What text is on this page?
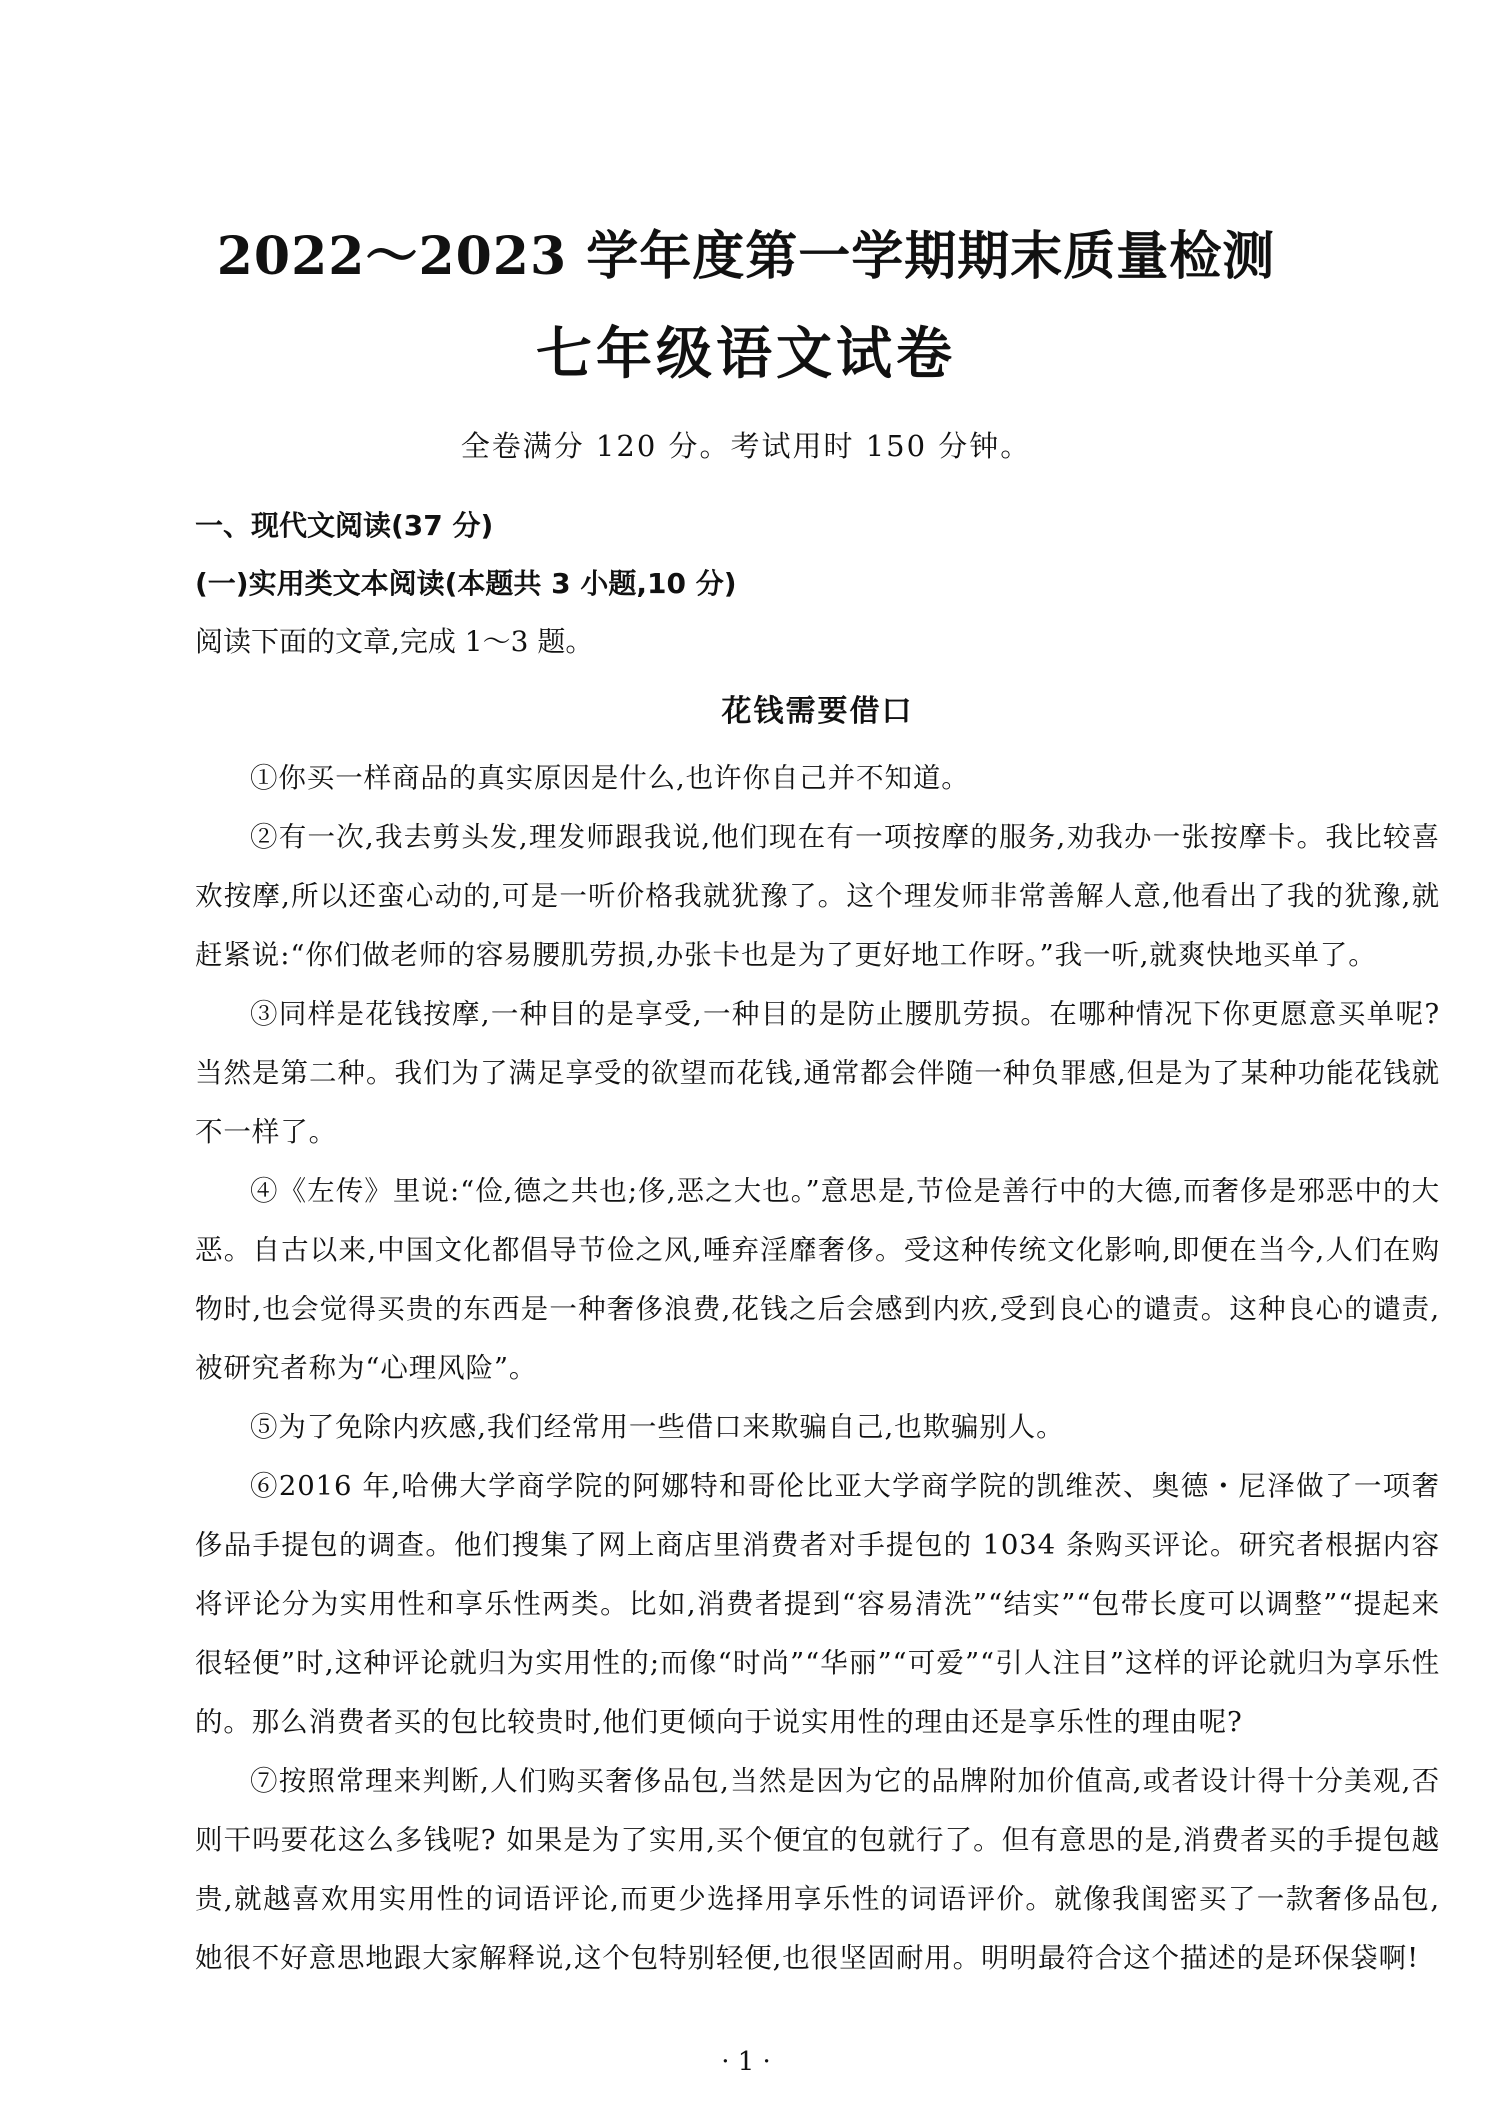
2022～2023 学年度第一学期期末质量检测
七年级语文试卷
全卷满分 120 分。考试用时 150 分钟。

一、现代文阅读(37 分)

(一)实用类文本阅读(本题共 3 小题,10 分)

阅读下面的文章,完成 1～3 题。

花钱需要借口

①你买一样商品的真实原因是什么,也许你自己并不知道。

②有一次,我去剪头发,理发师跟我说,他们现在有一项按摩的服务,劝我办一张按摩卡。我比较喜欢按摩,所以还蛮心动的,可是一听价格我就犹豫了。这个理发师非常善解人意,他看出了我的犹豫,就赶紧说:“你们做老师的容易腰肌劳损,办张卡也是为了更好地工作呀。”我一听,就爽快地买单了。

③同样是花钱按摩,一种目的是享受,一种目的是防止腰肌劳损。在哪种情况下你更愿意买单呢? 当然是第二种。我们为了满足享受的欲望而花钱,通常都会伴随一种负罪感,但是为了某种功能花钱就不一样了。

④《左传》里说:“俭,德之共也;侈,恶之大也。”意思是,节俭是善行中的大德,而奢侈是邪恶中的大恶。自古以来,中国文化都倡导节俭之风,唾弃淫靡奢侈。受这种传统文化影响,即便在当今,人们在购物时,也会觉得买贵的东西是一种奢侈浪费,花钱之后会感到内疚,受到良心的谴责。这种良心的谴责,被研究者称为“心理风险”。

⑤为了免除内疚感,我们经常用一些借口来欺骗自己,也欺骗别人。

⑥2016 年,哈佛大学商学院的阿娜特和哥伦比亚大学商学院的凯维茨、奥德・尼泽做了一项奢侈品手提包的调查。他们搜集了网上商店里消费者对手提包的 1034 条购买评论。研究者根据内容将评论分为实用性和享乐性两类。比如,消费者提到“容易清洗”“结实”“包带长度可以调整”“提起来很轻便”时,这种评论就归为实用性的;而像“时尚”“华丽”“可爱”“引人注目”这样的评论就归为享乐性的。那么消费者买的包比较贵时,他们更倾向于说实用性的理由还是享乐性的理由呢?

⑦按照常理来判断,人们购买奢侈品包,当然是因为它的品牌附加价值高,或者设计得十分美观,否则干吗要花这么多钱呢? 如果是为了实用,买个便宜的包就行了。但有意思的是,消费者买的手提包越贵,就越喜欢用实用性的词语评论,而更少选择用享乐性的词语评价。就像我闺密买了一款奢侈品包,她很不好意思地跟大家解释说,这个包特别轻便,也很坚固耐用。明明最符合这个描述的是环保袋啊!

· 1 ·
